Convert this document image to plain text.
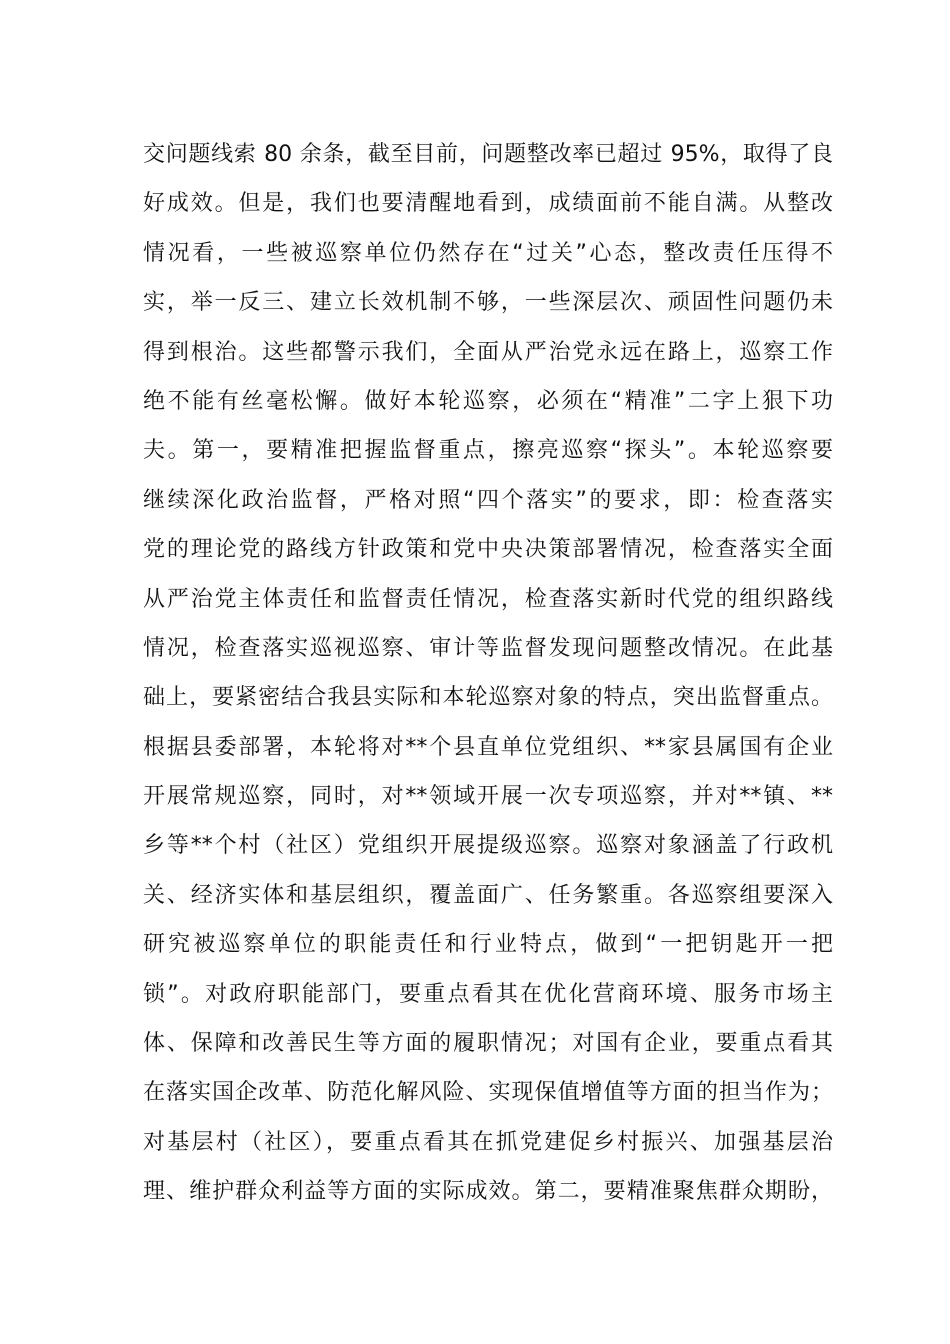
交问题线索 80 余条，截至目前，问题整改率已超过 95%，取得了良
好成效。但是，我们也要清醒地看到，成绩面前不能自满。从整改
情况看，一些被巡察单位仍然存在“过关”心态，整改责任压得不
实，举一反三、建立长效机制不够，一些深层次、顽固性问题仍未
得到根治。这些都警示我们，全面从严治党永远在路上，巡察工作
绝不能有丝毫松懈。做好本轮巡察，必须在“精准”二字上狠下功
夫。第一，要精准把握监督重点，擦亮巡察“探头”。本轮巡察要
继续深化政治监督，严格对照“四个落实”的要求，即：检查落实
党的理论党的路线方针政策和党中央决策部署情况，检查落实全面
从严治党主体责任和监督责任情况，检查落实新时代党的组织路线
情况，检查落实巡视巡察、审计等监督发现问题整改情况。在此基
础上，要紧密结合我县实际和本轮巡察对象的特点，突出监督重点。
根据县委部署，本轮将对**个县直单位党组织、**家县属国有企业
开展常规巡察，同时，对**领域开展一次专项巡察，并对**镇、**
乡等**个村（社区）党组织开展提级巡察。巡察对象涵盖了行政机
关、经济实体和基层组织，覆盖面广、任务繁重。各巡察组要深入
研究被巡察单位的职能责任和行业特点，做到“一把钥匙开一把
锁”。对政府职能部门，要重点看其在优化营商环境、服务市场主
体、保障和改善民生等方面的履职情况；对国有企业，要重点看其
在落实国企改革、防范化解风险、实现保值增值等方面的担当作为；
对基层村（社区），要重点看其在抓党建促乡村振兴、加强基层治
理、维护群众利益等方面的实际成效。第二，要精准聚焦群众期盼，
